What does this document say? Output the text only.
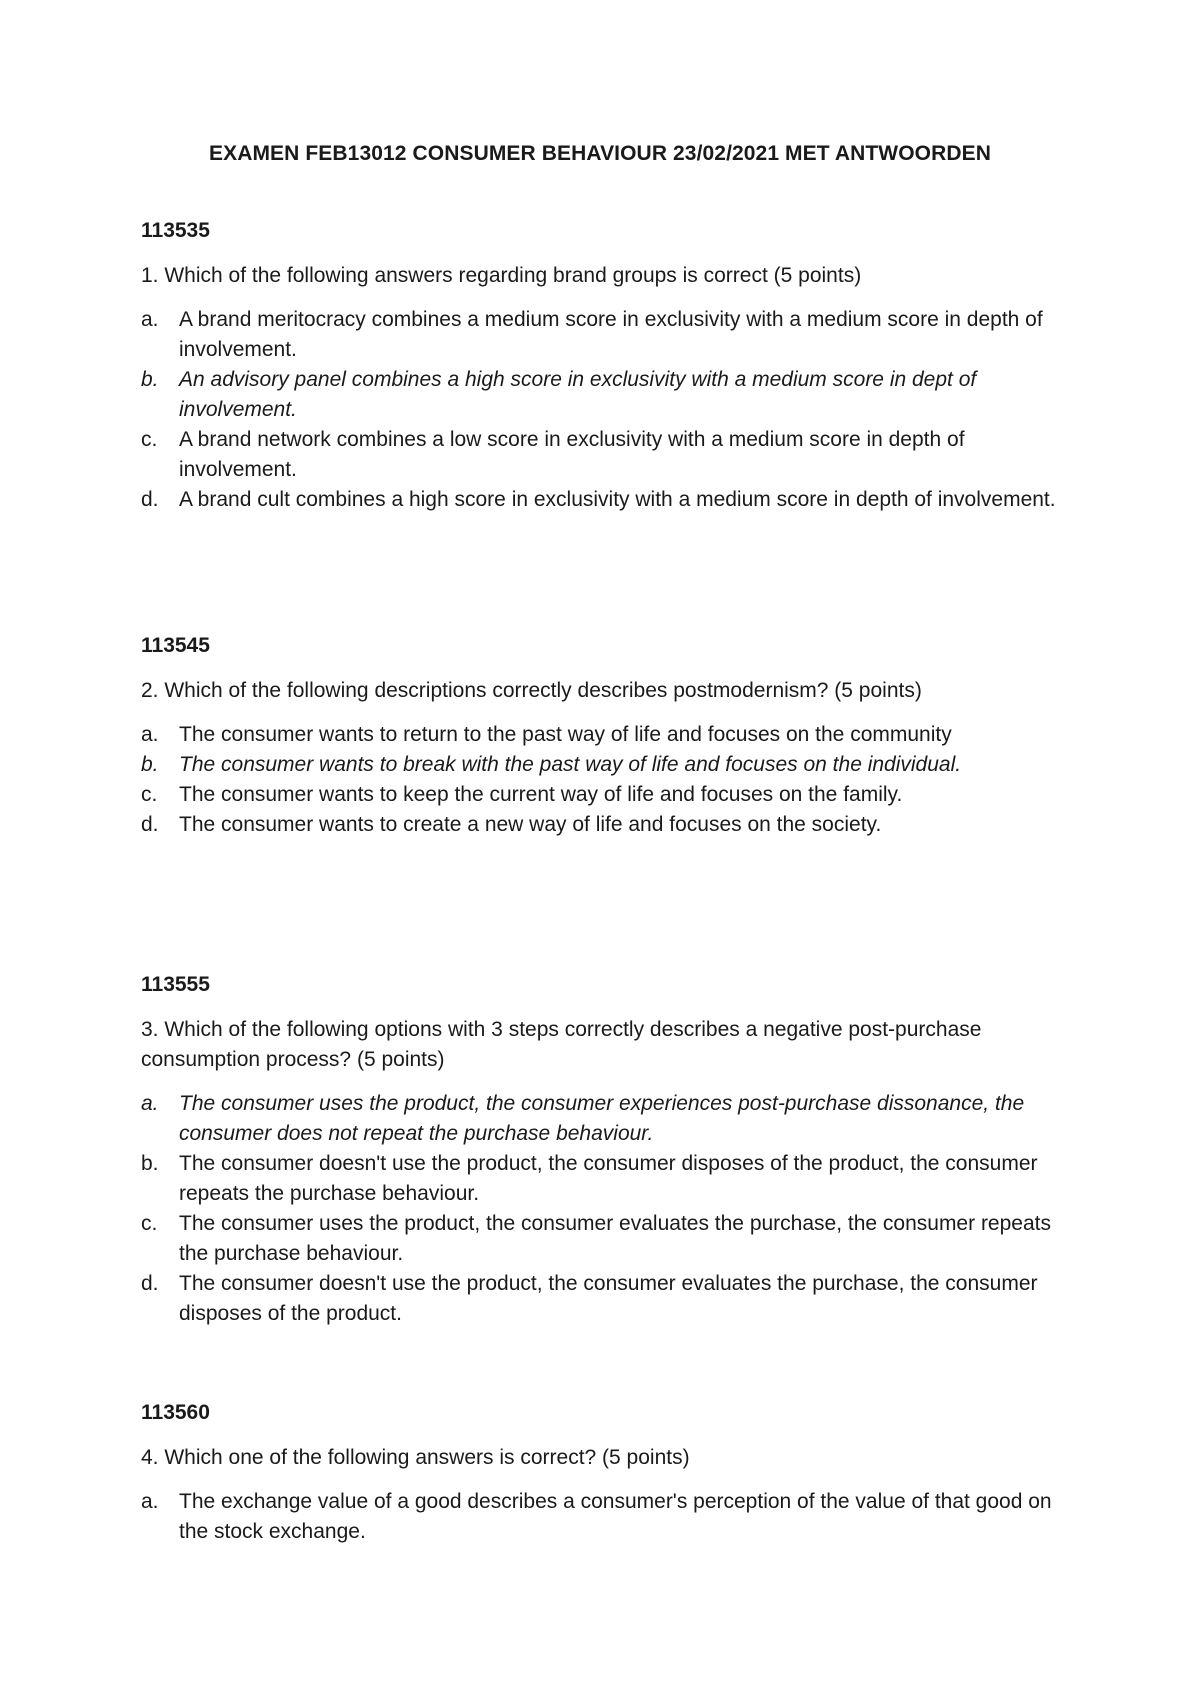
EXAMEN FEB13012 CONSUMER BEHAVIOUR 23/02/2021 MET ANTWOORDEN
113535
1. Which of the following answers regarding brand groups is correct (5 points)
a. A brand meritocracy combines a medium score in exclusivity with a medium score in depth of involvement.
b. An advisory panel combines a high score in exclusivity with a medium score in dept of involvement.
c.	A brand network combines a low score in exclusivity with a medium score in depth of involvement.
d. A brand cult combines a high score in exclusivity with a medium score in depth of involvement.
113545
2. Which of the following descriptions correctly describes postmodernism? (5 points)
a. The consumer wants to return to the past way of life and focuses on the community
b. The consumer wants to break with the past way of life and focuses on the individual.
c.	The consumer wants to keep the current way of life and focuses on the family.
d. The consumer wants to create a new way of life and focuses on the society.
113555
3. Which of the following options with 3 steps correctly describes a negative post-purchase consumption process? (5 points)
a. The consumer uses the product, the consumer experiences post-purchase dissonance, the consumer does not repeat the purchase behaviour.
b. The consumer doesn't use the product, the consumer disposes of the product, the consumer repeats the purchase behaviour.
c.	The consumer uses the product, the consumer evaluates the purchase, the consumer repeats the purchase behaviour.
d. The consumer doesn't use the product, the consumer evaluates the purchase, the consumer disposes of the product.
113560
4. Which one of the following answers is correct? (5 points)
a. The exchange value of a good describes a consumer's perception of the value of that good on the stock exchange.
